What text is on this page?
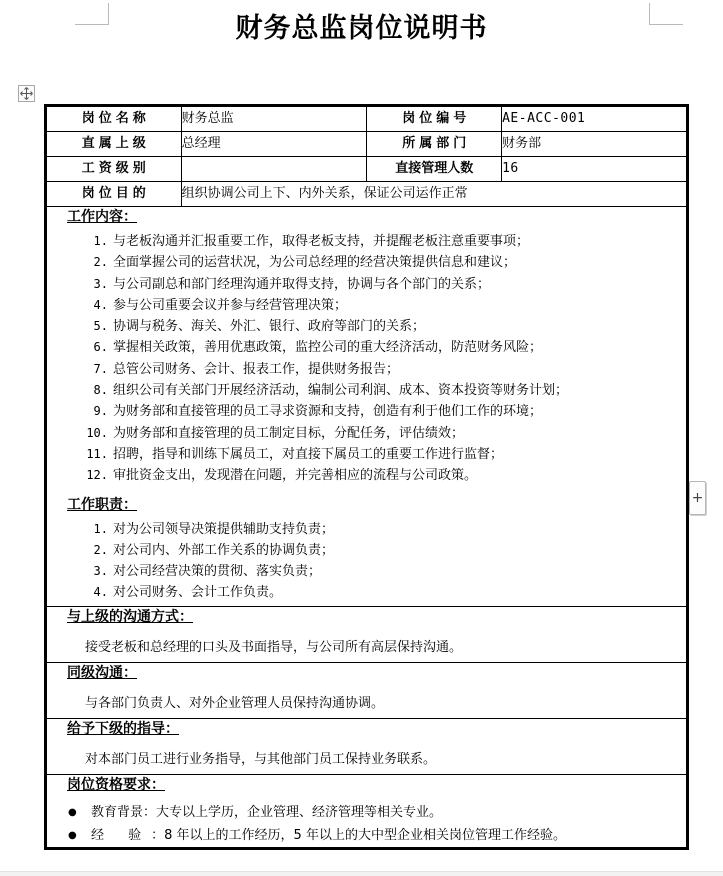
财务总监岗位说明书
+
岗位名称	财务总监	岗位编号	AE-ACC-001
直属上级	总经理	所属部门	财务部
工资级别		直接管理人数	16
岗位目的	组织协调公司上下、内外关系，保证公司运作正常		

工作内容：
与老板沟通并汇报重要工作，取得老板支持，并提醒老板注意重要事项；
全面掌握公司的运营状况，为公司总经理的经营决策提供信息和建议；
与公司副总和部门经理沟通并取得支持，协调与各个部门的关系；
参与公司重要会议并参与经营管理决策；
协调与税务、海关、外汇、银行、政府等部门的关系；
掌握相关政策，善用优惠政策，监控公司的重大经济活动，防范财务风险；
总管公司财务、会计、报表工作，提供财务报告；
组织公司有关部门开展经济活动，编制公司利润、成本、资本投资等财务计划；
为财务部和直接管理的员工寻求资源和支持，创造有利于他们工作的环境；
为财务部和直接管理的员工制定目标，分配任务，评估绩效；
招聘，指导和训练下属员工，对直接下属员工的重要工作进行监督；
审批资金支出，发现潜在问题，并完善相应的流程与公司政策。
工作职责：
对为公司领导决策提供辅助支持负责；
对公司内、外部工作关系的协调负责；
对公司经营决策的贯彻、落实负责；
对公司财务、会计工作负责。

与上级的沟通方式：
接受老板和总经理的口头及书面指导，与公司所有高层保持沟通。			

同级沟通：
与各部门负责人、对外企业管理人员保持沟通协调。			

给予下级的指导：
对本部门员工进行业务指导，与其他部门员工保持业务联系。			

岗位资格要求：
● 教育背景：大专以上学历，企业管理、经济管理等相关专业。
● 经 验：8 年以上的工作经历，5 年以上的大中型企业相关岗位管理工作经验。
